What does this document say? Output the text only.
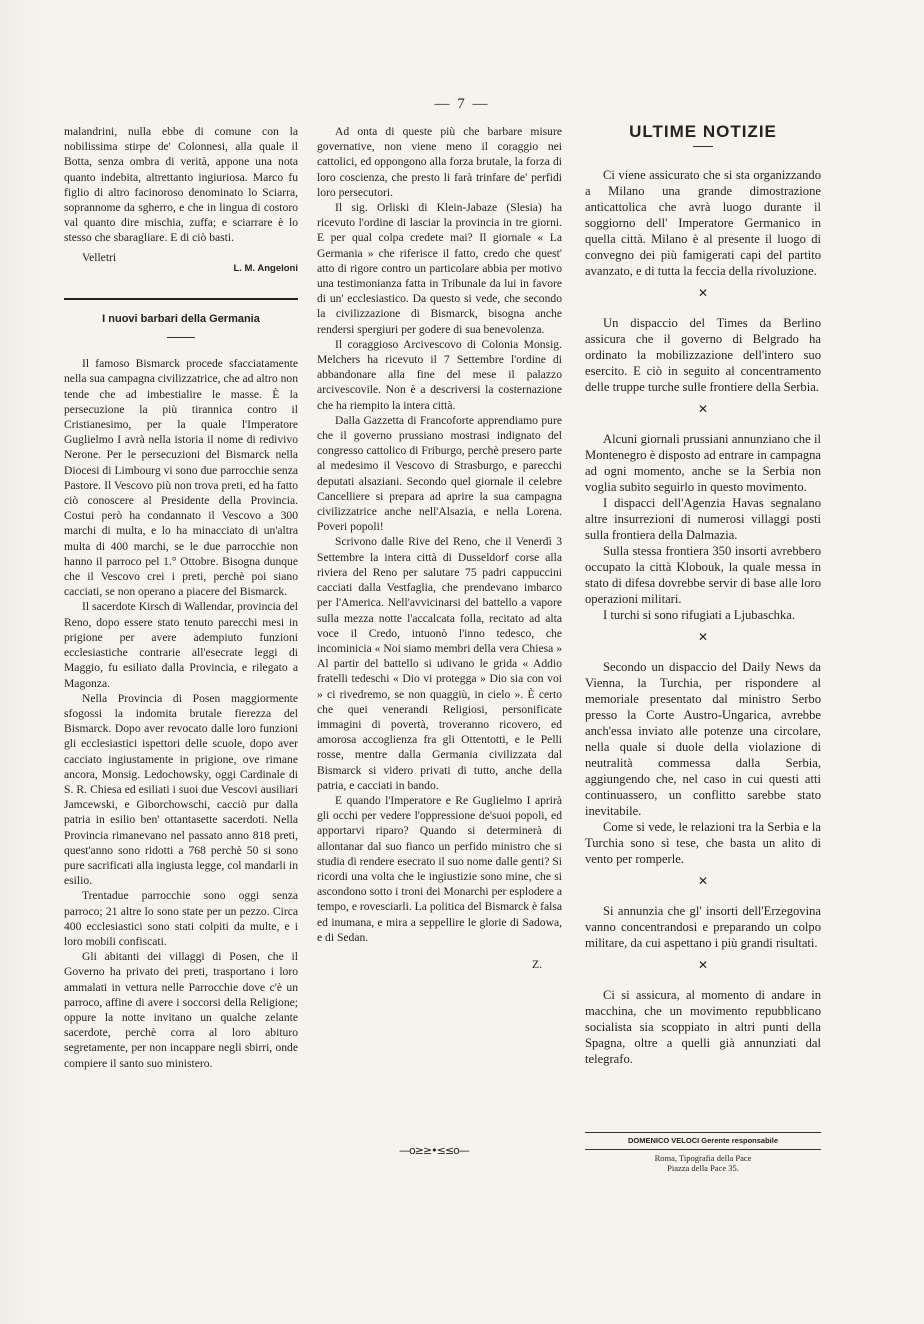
— 7 —

malandrini, nulla ebbe di comune con la nobilissima stirpe de' Colonnesi, alla quale il Botta, senza ombra di verità, appone una nota quanto indebita, altrettanto ingiuriosa. Marco fu figlio di altro facinoroso denominato lo Sciarra, soprannome da sgherro, e che in lingua di costoro val quanto dire mischia, zuffa; e sciarrare è lo stesso che sbaragliare. E di ciò basti.

Velletri

L. M. Angeloni
I nuovi barbari della Germania

Il famoso Bismarck procede sfacciatamente nella sua campagna civilizzatrice, che ad altro non tende che ad imbestialire le masse. È la persecuzione la più tirannica contro il Cristianesimo, per la quale l'Imperatore Guglielmo I avrà nella istoria il nome di redivivo Nerone. Per le persecuzioni del Bismarck nella Diocesi di Limbourg vi sono due parrocchie senza Pastore. Il Vescovo più non trova preti, ed ha fatto ciò conoscere al Presidente della Provincia. Costui però ha condannato il Vescovo a 300 marchi di multa, e lo ha minacciato di un'altra multa di 400 marchi, se le due parrocchie non hanno il parroco pel 1.° Ottobre. Bisogna dunque che il Vescovo crei i preti, perchè poi siano cacciati, se non operano a piacere del Bismarck.

Il sacerdote Kirsch di Wallendar, provincia del Reno, dopo essere stato tenuto parecchi mesi in prigione per avere adempiuto funzioni ecclesiastiche contrarie all'esecrate leggi di Maggio, fu esiliato dalla Provincia, e rilegato a Magonza.

Nella Provincia di Posen maggiormente sfogossi la indomita brutale fierezza del Bismarck. Dopo aver revocato dalle loro funzioni gli ecclesiastici ispettori delle scuole, dopo aver cacciato ingiustamente in prigione, ove rimane ancora, Monsig. Ledochowsky, oggi Cardinale di S. R. Chiesa ed esiliati i suoi due Vescovi ausiliari Jamcewski, e Giborchowschi, cacciò pur dalla patria in esilio ben' ottantasette sacerdoti. Nella Provincia rimanevano nel passato anno 818 preti, quest'anno sono ridotti a 768 perchè 50 si sono pure sacrificati alla ingiusta legge, col mandarli in esilio.

Trentadue parrocchie sono oggi senza parroco; 21 altre lo sono state per un pezzo. Circa 400 ecclesiastici sono stati colpiti da multe, e i loro mobili confiscati.

Gli abitanti dei villaggi di Posen, che il Governo ha privato dei preti, trasportano i loro ammalati in vettura nelle Parrocchie dove c'è un parroco, affine di avere i soccorsi della Religione; oppure la notte invitano un qualche zelante sacerdote, perchè corra al loro abituro segretamente, per non incappare negli sbirri, onde compiere il santo suo ministero.

Ad onta di queste più che barbare misure governative, non viene meno il coraggio nei cattolici, ed oppongono alla forza brutale, la forza di loro coscienza, che presto li farà trinfare de' perfidi loro persecutori.

Il sig. Orliski di Klein-Jabaze (Slesia) ha ricevuto l'ordine di lasciar la provincia in tre giorni. E per qual colpa credete mai? Il giornale « La Germania » che riferisce il fatto, credo che quest' atto di rigore contro un particolare abbia per motivo una testimonianza fatta in Tribunale da lui in favore di un' ecclesiastico. Da questo si vede, che secondo la civilizzazione di Bismarck, bisogna anche rendersi spergiuri per godere di sua benevolenza.

Il coraggioso Arcivescovo di Colonia Monsig. Melchers ha ricevuto il 7 Settembre l'ordine di abbandonare alla fine del mese il palazzo arcivescovile. Non è a descriversi la costernazione che ha riempito la intera città.

Dalla Gazzetta di Francoforte apprendiamo pure che il governo prussiano mostrasi indignato del congresso cattolico di Friburgo, perchè presero parte al medesimo il Vescovo di Strasburgo, e parecchi deputati alsaziani. Secondo quel giornale il celebre Cancelliere si prepara ad aprire la sua campagna civilizzatrice anche nell'Alsazia, e nella Lorena. Poveri popoli!

Scrivono dalle Rive del Reno, che il Venerdì 3 Settembre la intera città di Dusseldorf corse alla riviera del Reno per salutare 75 padri cappuccini cacciati dalla Vestfaglia, che prendevano imbarco per l'America. Nell'avvicinarsi del battello a vapore sulla mezza notte l'accalcata folla, recitato ad alta voce il Credo, intuonò l'inno tedesco, che incominicia « Noi siamo membri della vera Chiesa » Al partir del battello si udivano le grida « Addio fratelli tedeschi « Dio vi protegga » Dio sia con voi » ci rivedremo, se non quaggiù, in cielo ». È certo che quei venerandi Religiosi, personificate immagini di povertà, troveranno ricovero, ed amorosa accoglienza fra gli Ottentotti, e le Pelli rosse, mentre dalla Germania civilizzata dal Bismarck si videro privati di tutto, anche della patria, e cacciati in bando.

E quando l'Imperatore e Re Guglielmo I aprirà gli occhi per vedere l'oppressione de'suoi popoli, ed apportarvi riparo? Quando si determinerà di allontanar dal suo fianco un perfido ministro che si studia di rendere esecrato il suo nome dalle genti? Si ricordi una volta che le ingiustizie sono mine, che si ascondono sotto i troni dei Monarchi per esplodere a tempo, e rovesciarli. La politica del Bismarck è falsa ed inumana, e mira a seppellire le glorie di Sadowa, e di Sedan.

Z.
—o≥≥•≤≤o—
ULTIME NOTIZIE

Ci viene assicurato che si sta organizzando a Milano una grande dimostrazione anticattolica che avrà luogo durante il soggiorno dell' Imperatore Germanico in quella città. Milano è al presente il luogo di convegno dei più famigerati capi del partito avanzato, e di tutta la feccia della rivoluzione.

✕

Un dispaccio del Times da Berlino assicura che il governo di Belgrado ha ordinato la mobilizzazione dell'intero suo esercito. E ciò in seguito al concentramento delle truppe turche sulle frontiere della Serbia.

✕

Alcuni giornali prussiani annunziano che il Montenegro è disposto ad entrare in campagna ad ogni momento, anche se la Serbia non voglia subito seguirlo in questo movimento.

I dispacci dell'Agenzia Havas segnalano altre insurrezioni di numerosi villaggi posti sulla frontiera della Dalmazia.

Sulla stessa frontiera 350 insorti avrebbero occupato la città Klobouk, la quale messa in stato di difesa dovrebbe servir di base alle loro operazioni militari.

I turchi si sono rifugiati a Ljubaschka.

✕

Secondo un dispaccio del Daily News da Vienna, la Turchia, per rispondere al memoriale presentato dal ministro Serbo presso la Corte Austro-Ungarica, avrebbe anch'essa inviato alle potenze una circolare, nella quale si duole della violazione di neutralità commessa dalla Serbia, aggiungendo che, nel caso in cui questi atti continuassero, un conflitto sarebbe stato inevitabile.

Come si vede, le relazioni tra la Serbia e la Turchia sono sì tese, che basta un alito di vento per romperle.

✕

Si annunzia che gl' insorti dell'Erzegovina vanno concentrandosi e preparando un colpo militare, da cui aspettano i più grandi risultati.

✕

Ci si assicura, al momento di andare in macchina, che un movimento repubblicano socialista sia scoppiato in altri punti della Spagna, oltre a quelli già annunziati dal telegrafo.

DOMENICO VELOCI Gerente responsabile
Roma, Tipografia della Pace
Piazza della Pace 35.
